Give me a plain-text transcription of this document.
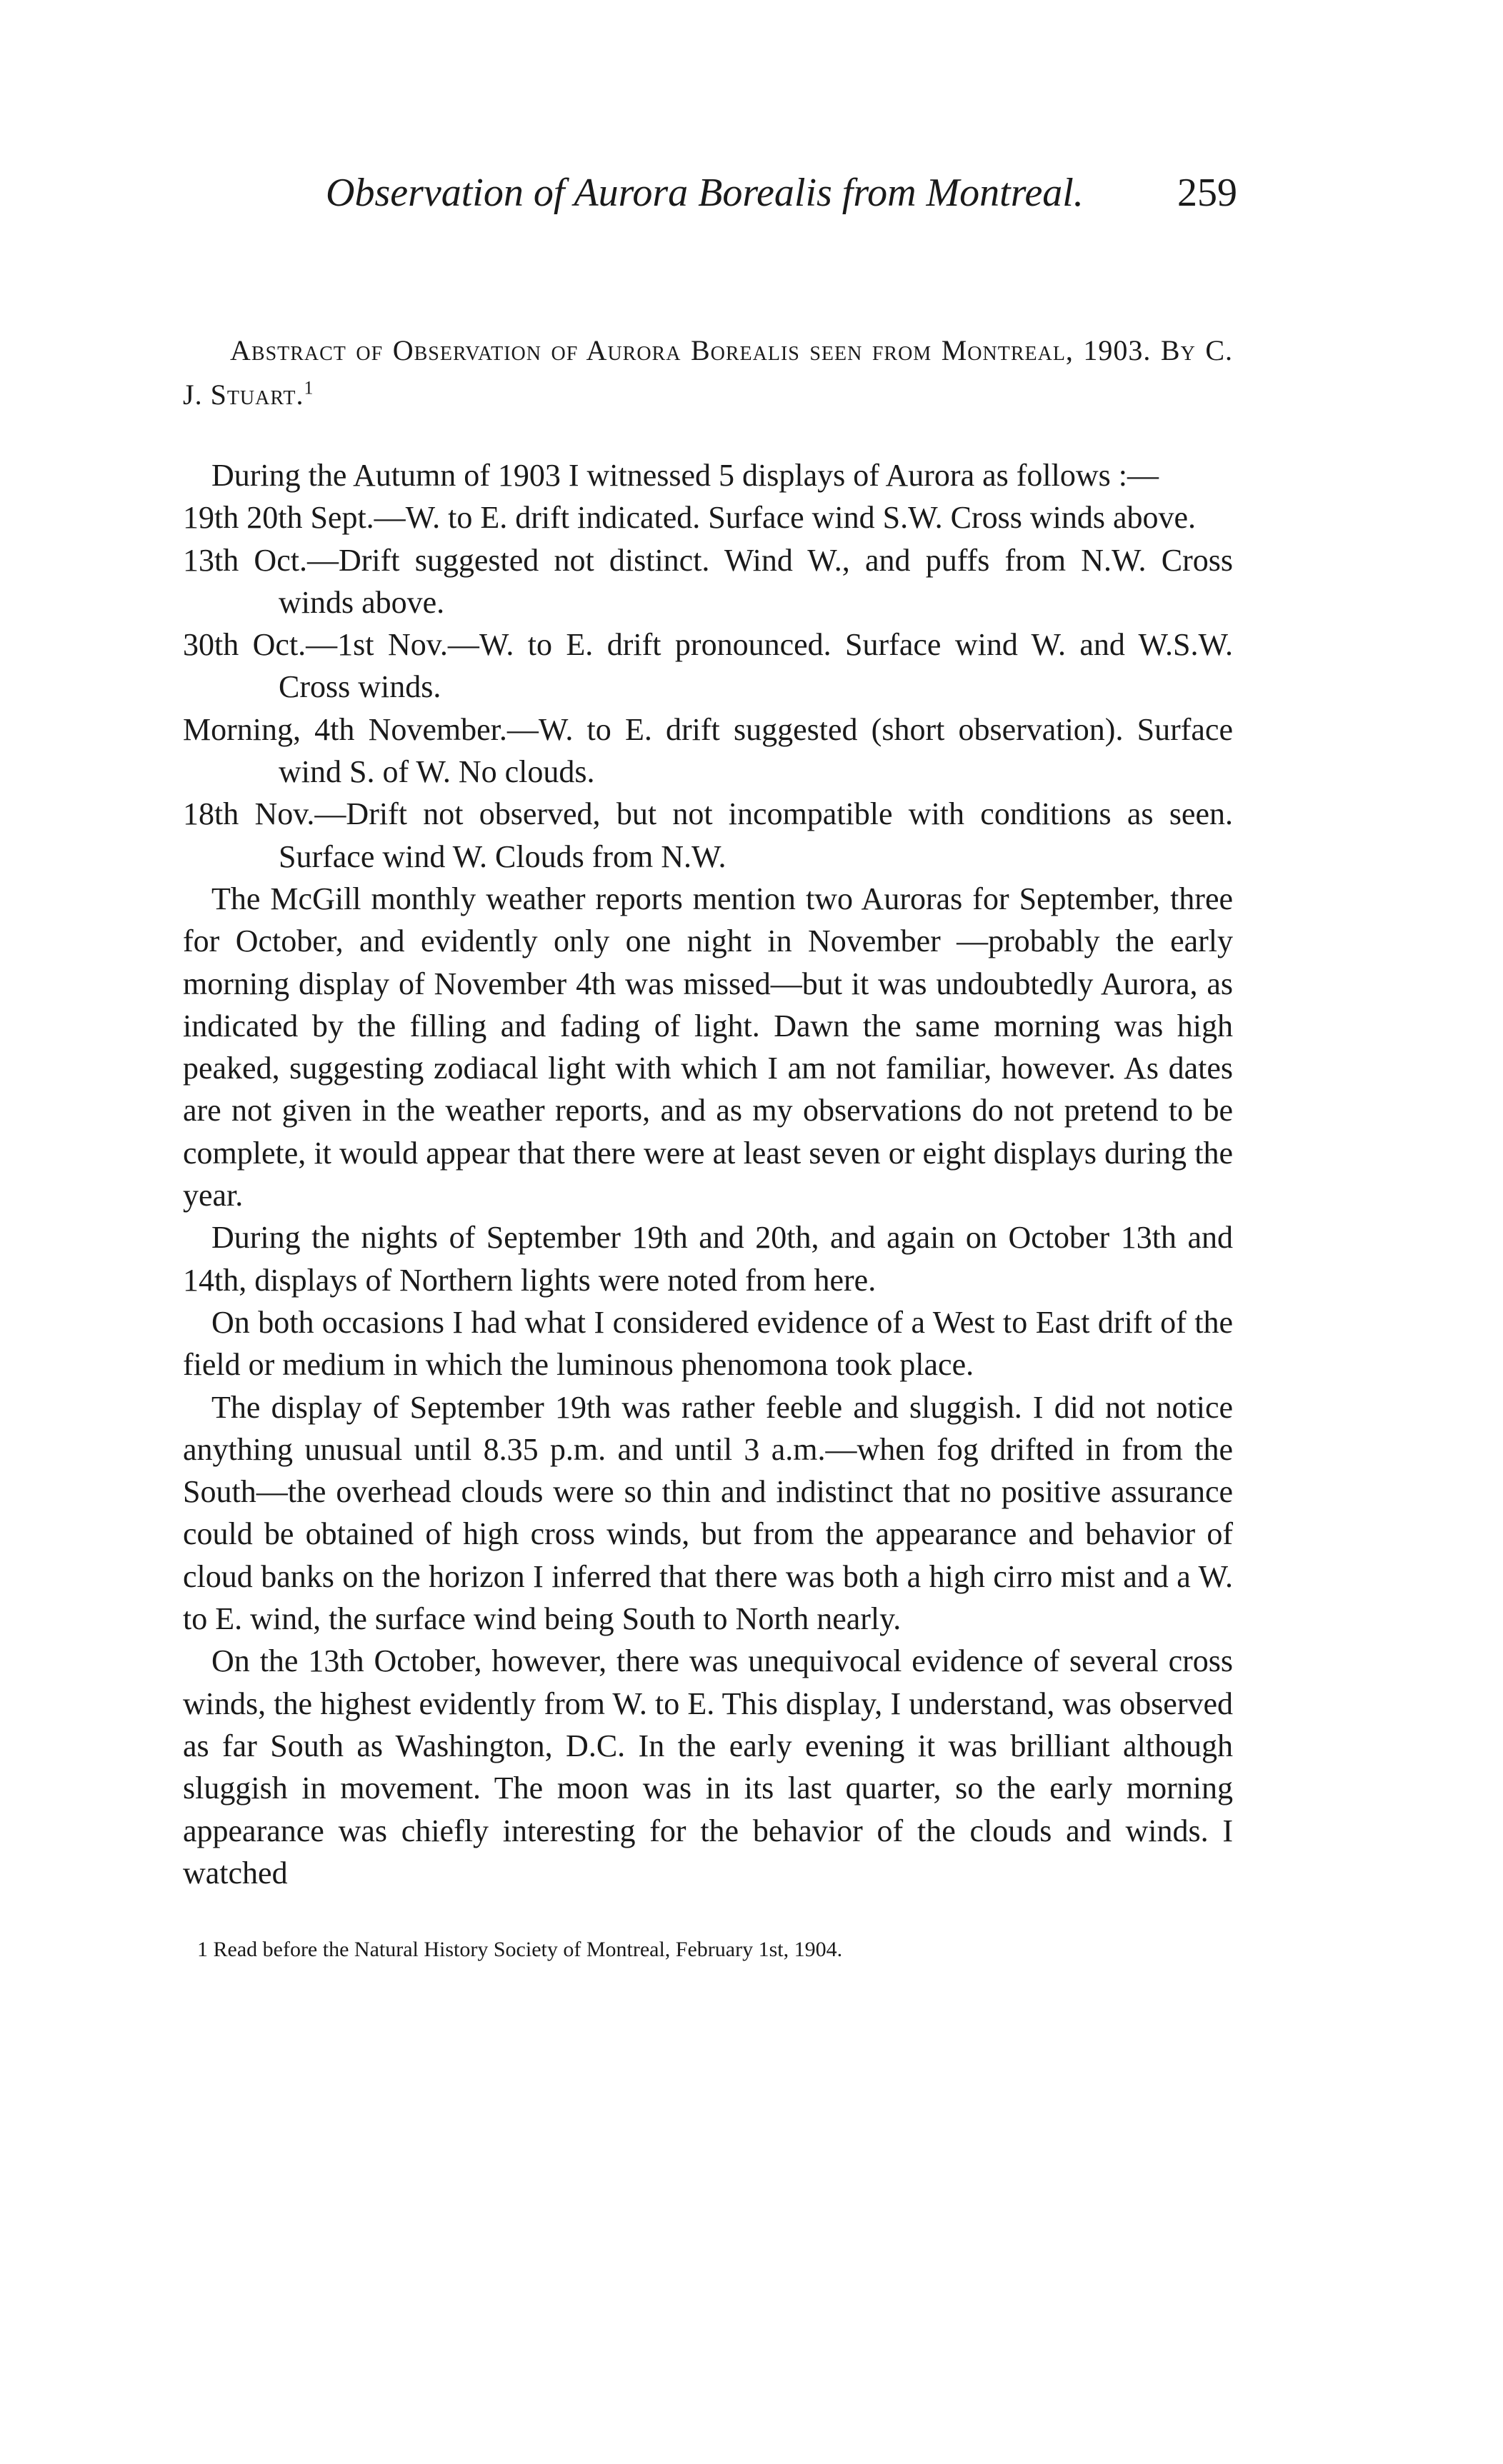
Observation of Aurora Borealis from Montreal. 259
Abstract of Observation of Aurora Borealis seen from Montreal, 1903. By C. J. Stuart.$^1$

During the Autumn of 1903 I witnessed 5 displays of Aurora as follows :—

19th 20th Sept.—W. to E. drift indicated. Surface wind S.W. Cross winds above.
13th Oct.—Drift suggested not distinct. Wind W., and puffs from N.W. Cross winds above.
30th Oct.—1st Nov.—W. to E. drift pronounced. Surface wind W. and W.S.W. Cross winds.
Morning, 4th November.—W. to E. drift suggested (short observation). Surface wind S. of W. No clouds.
18th Nov.—Drift not observed, but not incompatible with conditions as seen. Surface wind W. Clouds from N.W.

The McGill monthly weather reports mention two Auroras for September, three for October, and evidently only one night in November —probably the early morning display of November 4th was missed—but it was undoubtedly Aurora, as indicated by the filling and fading of light. Dawn the same morning was high peaked, suggesting zodiacal light with which I am not familiar, however. As dates are not given in the weather reports, and as my observations do not pretend to be complete, it would appear that there were at least seven or eight displays during the year.

During the nights of September 19th and 20th, and again on October 13th and 14th, displays of Northern lights were noted from here.

On both occasions I had what I considered evidence of a West to East drift of the field or medium in which the luminous phenomona took place.

The display of September 19th was rather feeble and sluggish. I did not notice anything unusual until 8.35 p.m. and until 3 a.m.—when fog drifted in from the South—the overhead clouds were so thin and indistinct that no positive assurance could be obtained of high cross winds, but from the appearance and behavior of cloud banks on the horizon I inferred that there was both a high cirro mist and a W. to E. wind, the surface wind being South to North nearly.

On the 13th October, however, there was unequivocal evidence of several cross winds, the highest evidently from W. to E. This display, I understand, was observed as far South as Washington, D.C. In the early evening it was brilliant although sluggish in movement. The moon was in its last quarter, so the early morning appearance was chiefly interesting for the behavior of the clouds and winds. I watched

1 Read before the Natural History Society of Montreal, February 1st, 1904.
